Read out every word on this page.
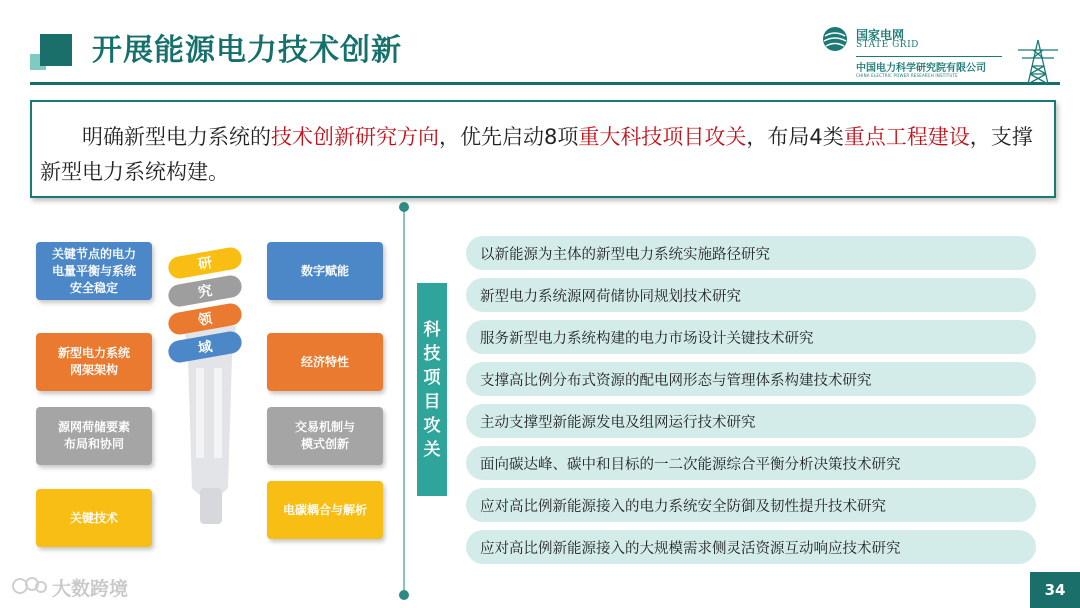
开展能源电力技术创新	国家电网
STATE GRID
中国电力科学研究院有限公司
CHINA ELECTRIC POWER RESEARCH INSTITUTE

  明确新型电力系统的技术创新研究方向，优先启动8项重大科技项目攻关，布局4类重点工程建设，支撑新型电力系统构建。

关键节点的电力
电量平衡与系统
安全稳定
新型电力系统
网架架构
源网荷储要素
布局和协同
关键技术
数字赋能
经济特性
交易机制与
模式创新
电碳耦合与解析
研
究
领
域
科
技
项
目
攻
关
以新能源为主体的新型电力系统实施路径研究
新型电力系统源网荷储协同规划技术研究
服务新型电力系统构建的电力市场设计关键技术研究
支撑高比例分布式资源的配电网形态与管理体系构建技术研究
主动支撑型新能源发电及组网运行技术研究
面向碳达峰、碳中和目标的一二次能源综合平衡分析决策技术研究
应对高比例新能源接入的电力系统安全防御及韧性提升技术研究
应对高比例新能源接入的大规模需求侧灵活资源互动响应技术研究
大数跨境	34
